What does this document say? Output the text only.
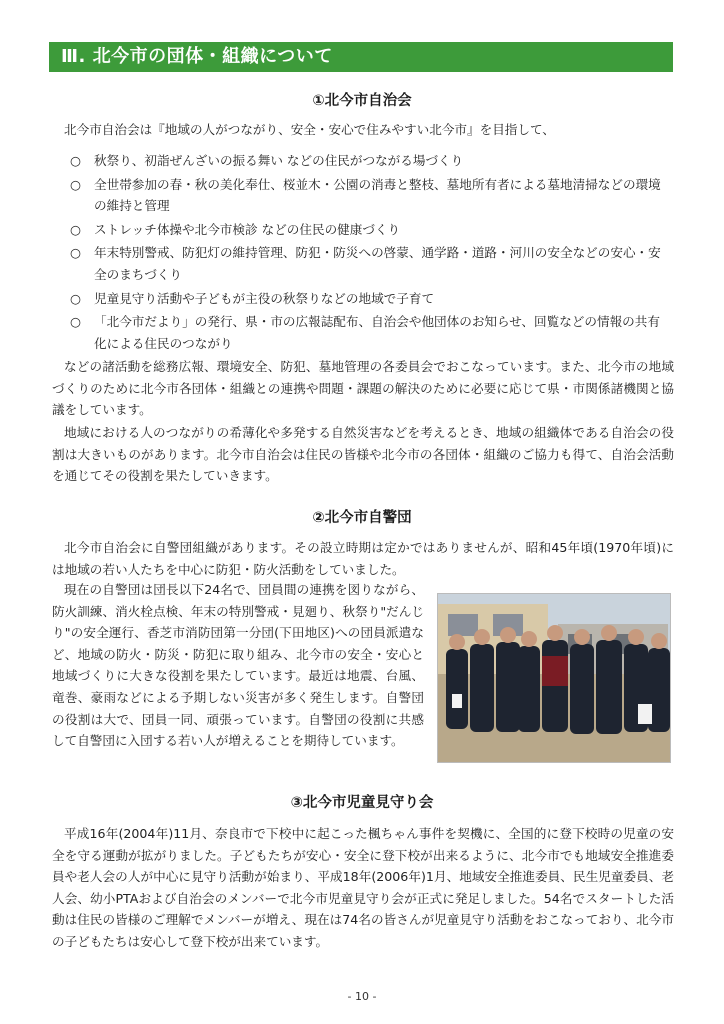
Ⅲ. 北今市の団体・組織について
①北今市自治会

北今市自治会は『地域の人がつながり、安全・安心で住みやすい北今市』を目指して、

○ 秋祭り、初詣ぜんざいの振る舞い などの住民がつながる場づくり
○ 全世帯参加の春・秋の美化奉仕、桜並木・公園の消毒と整枝、墓地所有者による墓地清掃などの環境の維持と管理
○ ストレッチ体操や北今市検診 などの住民の健康づくり
○ 年末特別警戒、防犯灯の維持管理、防犯・防災への啓蒙、通学路・道路・河川の安全などの安心・安全のまちづくり
○ 児童見守り活動や子どもが主役の秋祭りなどの地域で子育て
○ 「北今市だより」の発行、県・市の広報誌配布、自治会や他団体のお知らせ、回覧などの情報の共有化による住民のつながり

などの諸活動を総務広報、環境安全、防犯、墓地管理の各委員会でおこなっています。また、北今市の地域づくりのために北今市各団体・組織との連携や問題・課題の解決のために必要に応じて県・市関係諸機関と協議をしています。

地域における人のつながりの希薄化や多発する自然災害などを考えるとき、地域の組織体である自治会の役割は大きいものがあります。北今市自治会は住民の皆様や北今市の各団体・組織のご協力も得て、自治会活動を通じてその役割を果たしていきます。

②北今市自警団

北今市自治会に自警団組織があります。その設立時期は定かではありませんが、昭和45年頃(1970年頃)には地域の若い人たちを中心に防犯・防火活動をしていました。

現在の自警団は団長以下24名で、団員間の連携を図りながら、防火訓練、消火栓点検、年末の特別警戒・見廻り、秋祭り"だんじり"の安全運行、香芝市消防団第一分団(下田地区)への団員派遣など、地域の防火・防災・防犯に取り組み、北今市の安全・安心と地域づくりに大きな役割を果たしています。最近は地震、台風、竜巻、豪雨などによる予期しない災害が多く発生します。自警団の役割は大で、団員一同、頑張っています。自警団の役割に共感して自警団に入団する若い人が増えることを期待しています。

③北今市児童見守り会

平成16年(2004年)11月、奈良市で下校中に起こった楓ちゃん事件を契機に、全国的に登下校時の児童の安全を守る運動が拡がりました。子どもたちが安心・安全に登下校が出来るように、北今市でも地域安全推進委員や老人会の人が中心に見守り活動が始まり、平成18年(2006年)1月、地域安全推進委員、民生児童委員、老人会、幼小PTAおよび自治会のメンバーで北今市児童見守り会が正式に発足しました。54名でスタートした活動は住民の皆様のご理解でメンバーが増え、現在は74名の皆さんが児童見守り活動をおこなっており、北今市の子どもたちは安心して登下校が出来ています。

- 10 -
